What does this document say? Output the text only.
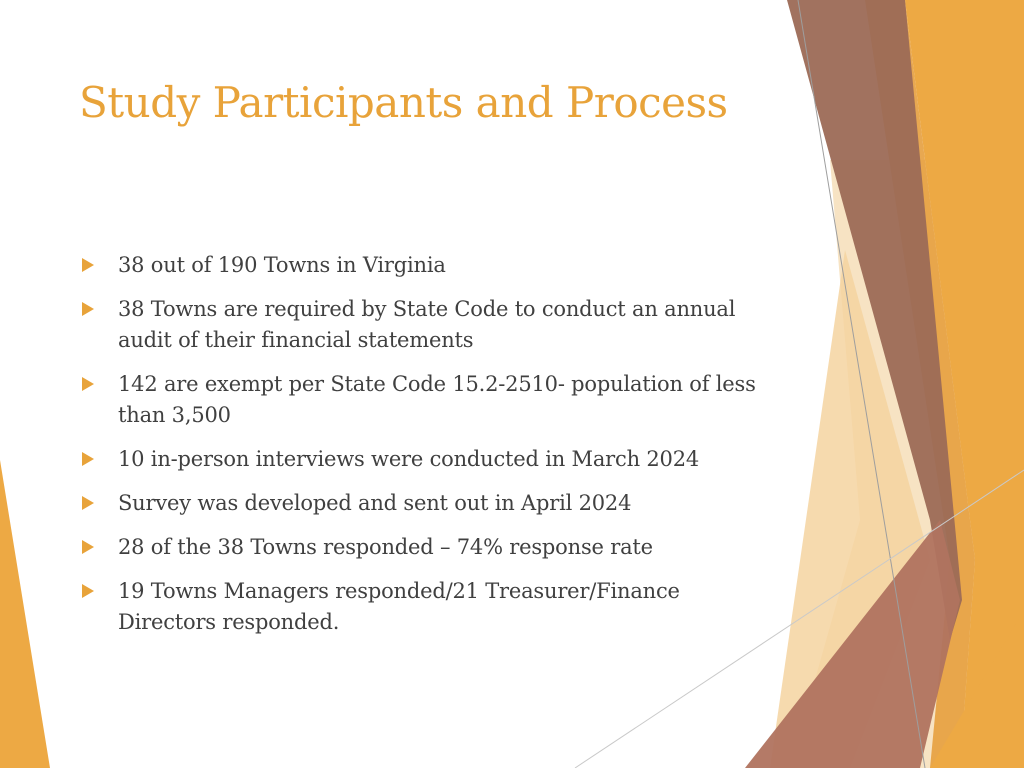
Study Participants and Process
38 out of 190 Towns in Virginia
38 Towns are required by State Code to conduct an annual audit of their financial statements
142 are exempt per State Code 15.2-2510- population of less than 3,500
10 in-person interviews were conducted in March 2024
Survey was developed and sent out in April 2024
28 of the 38 Towns responded – 74% response rate
19 Towns Managers responded/21 Treasurer/Finance Directors responded.
